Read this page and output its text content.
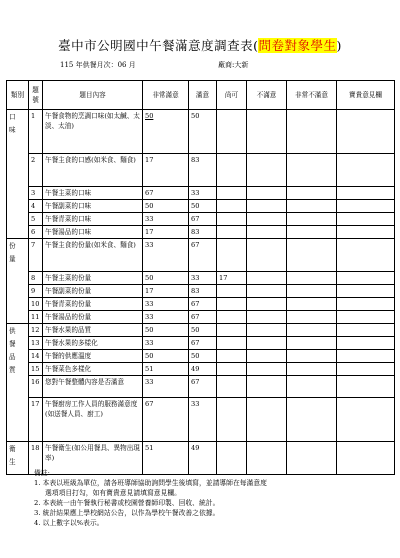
臺中市公明國中午餐滿意度調查表(問卷對象學生)
115 年供餐月次：06 月	廠商:大新
類別	題號	題目內容	非常滿意	滿意	尚可	不滿意	非常不滿意	寶貴意見欄
口味	1	午餐食物的烹調口味(如太鹹、太淡、太油)	50	50				
	2	午餐主食的口感(如米食、麵食)	17	83				
	3	午餐主菜的口味	67	33				
	4	午餐副菜的口味	50	50				
	5	午餐青菜的口味	33	67				
	6	午餐湯品的口味	17	83				
份量	7	午餐主食的份量(如米食、麵食)	33	67				
	8	午餐主菜的份量	50	33	17			
	9	午餐副菜的份量	17	83				
	10	午餐青菜的份量	33	67				
	11	午餐湯品的份量	33	67				
供餐品質	12	午餐水果的品質	50	50				
	13	午餐水果的多樣化	33	67				
	14	午餐的供應溫度	50	50				
	15	午餐菜色多樣化	51	49				
	16	您對午餐整體內容是否滿意	33	67				
	17	午餐廚房工作人員的服務滿意度(如送餐人員、廚工)	67	33				
衛生	18	午餐衛生(如公用餐具、異物出現率)	51	49				
備註:
1. 本表以班級為單位，請各班導師協助詢問學生後填寫，並請導師在每滿意度
選項項目打勾，如有寶貴意見請填寫意見欄。
2. 本表統一由午餐執行秘書或校園營養師印製、回收、統計。
3. 統計結果應上學校網站公告，以作為學校午餐改善之依據。
4. 以上數字以%表示。
